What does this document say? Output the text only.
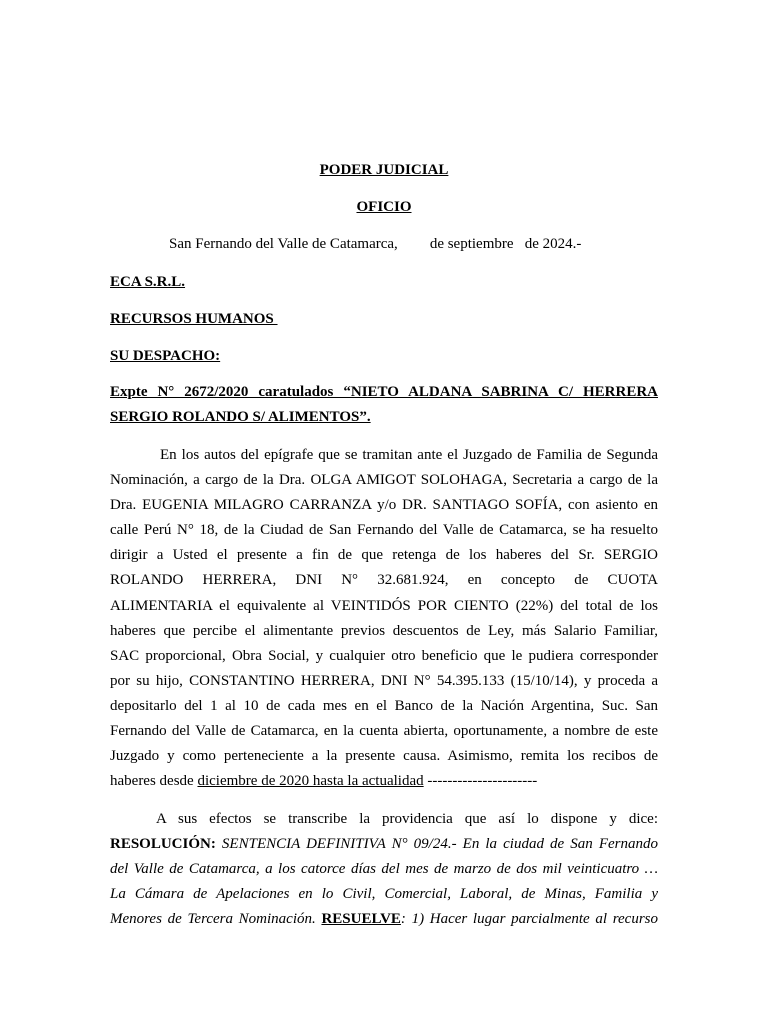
PODER JUDICIAL
OFICIO
San Fernando del Valle de Catamarca, de septiembre   de 2024.-
ECA S.R.L.
RECURSOS HUMANOS
SU DESPACHO:
Expte N° 2672/2020 caratulados “NIETO ALDANA SABRINA C/ HERRERA
SERGIO ROLANDO S/ ALIMENTOS”.
En los autos del epígrafe que se tramitan ante el Juzgado de Familia de Segunda
Nominación, a cargo de la Dra. OLGA AMIGOT SOLOHAGA, Secretaria a cargo de la
Dra. EUGENIA MILAGRO CARRANZA y/o DR. SANTIAGO SOFÍA, con asiento en
calle Perú N° 18, de la Ciudad de San Fernando del Valle de Catamarca, se ha resuelto
dirigir a Usted el presente a fin de que retenga de los haberes del Sr. SERGIO
ROLANDO HERRERA, DNI N° 32.681.924, en concepto de CUOTA
ALIMENTARIA el equivalente al VEINTIDÓS POR CIENTO (22%) del total de los
haberes que percibe el alimentante previos descuentos de Ley, más Salario Familiar,
SAC proporcional, Obra Social, y cualquier otro beneficio que le pudiera corresponder
por su hijo, CONSTANTINO HERRERA, DNI N° 54.395.133 (15/10/14), y proceda a
depositarlo del 1 al 10 de cada mes en el Banco de la Nación Argentina, Suc. San
Fernando del Valle de Catamarca, en la cuenta abierta, oportunamente, a nombre de este
Juzgado y como perteneciente a la presente causa. Asimismo, remita los recibos de
haberes desde diciembre de 2020 hasta la actualidad ----------------------
A sus efectos se transcribe la providencia que así lo dispone y dice:
RESOLUCIÓN: SENTENCIA DEFINITIVA N° 09/24.- En la ciudad de San Fernando
del Valle de Catamarca, a los catorce días del mes de marzo de dos mil veinticuatro …
La Cámara de Apelaciones en lo Civil, Comercial, Laboral, de Minas, Familia y
Menores de Tercera Nominación. RESUELVE: 1) Hacer lugar parcialmente al recurso
